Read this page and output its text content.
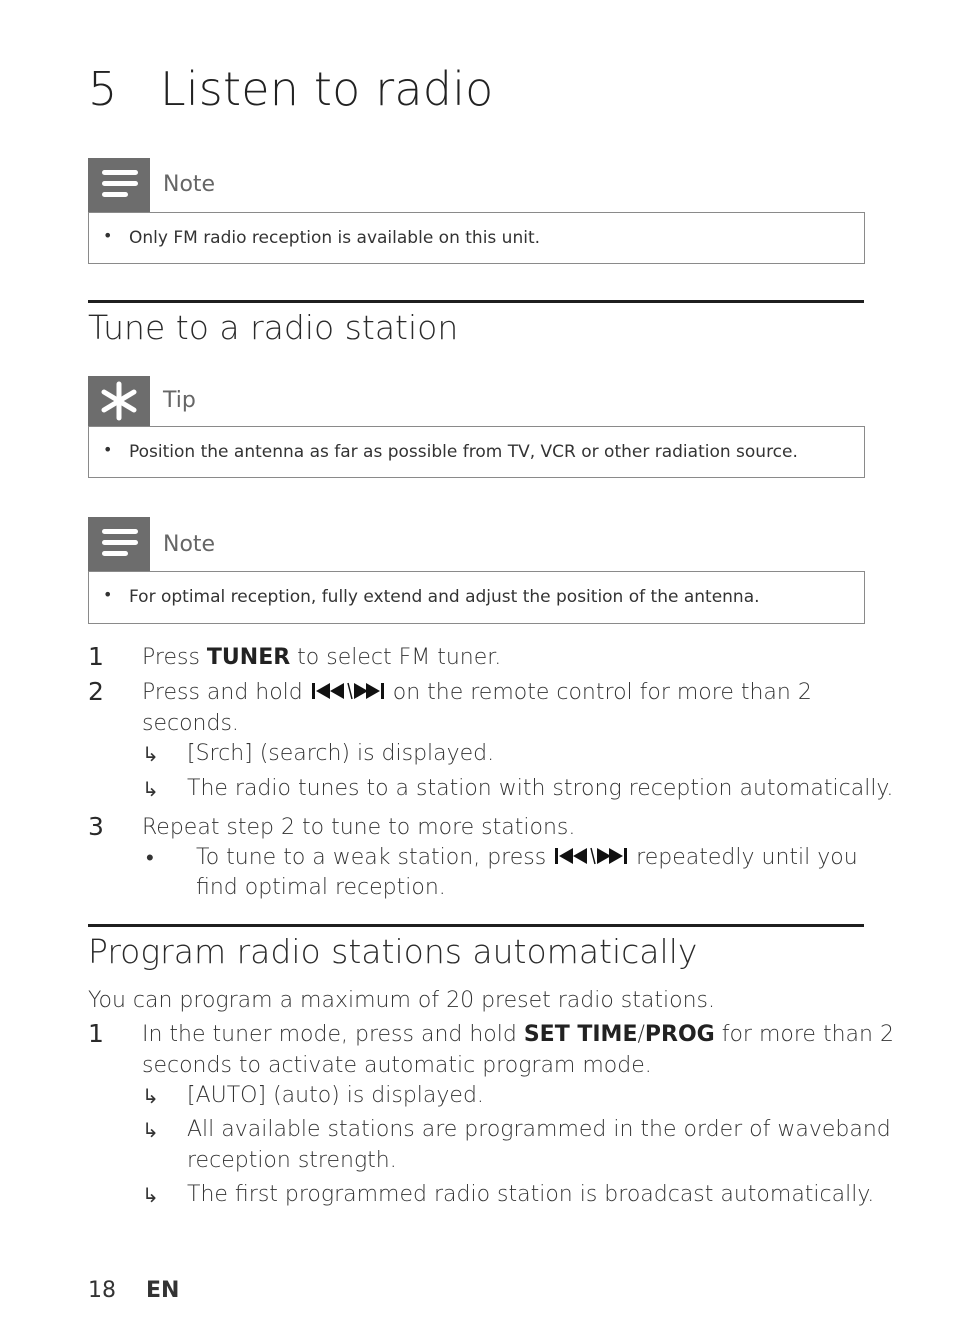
5 Listen to radio
Note
• Only FM radio reception is available on this unit.
Tune to a radio station
Tip
• Position the antenna as far as possible from TV, VCR or other radiation source.
Note
• For optimal reception, fully extend and adjust the position of the antenna.
1 Press TUNER to select FM tuner.
2 Press and hold	on the remote control for more than 2
seconds.
↳ [Srch] (search) is displayed.
↳ The radio tunes to a station with strong reception automatically.
3 Repeat step 2 to tune to more stations.
• To tune to a weak station, press	repeatedly until you
find optimal reception.
Program radio stations automatically
You can program a maximum of 20 preset radio stations.
1 In the tuner mode, press and hold SET TIME/PROG for more than 2
seconds to activate automatic program mode.
↳ [AUTO] (auto) is displayed.
↳ All available stations are programmed in the order of waveband
reception strength.
↳ The first programmed radio station is broadcast automatically.
18 EN
